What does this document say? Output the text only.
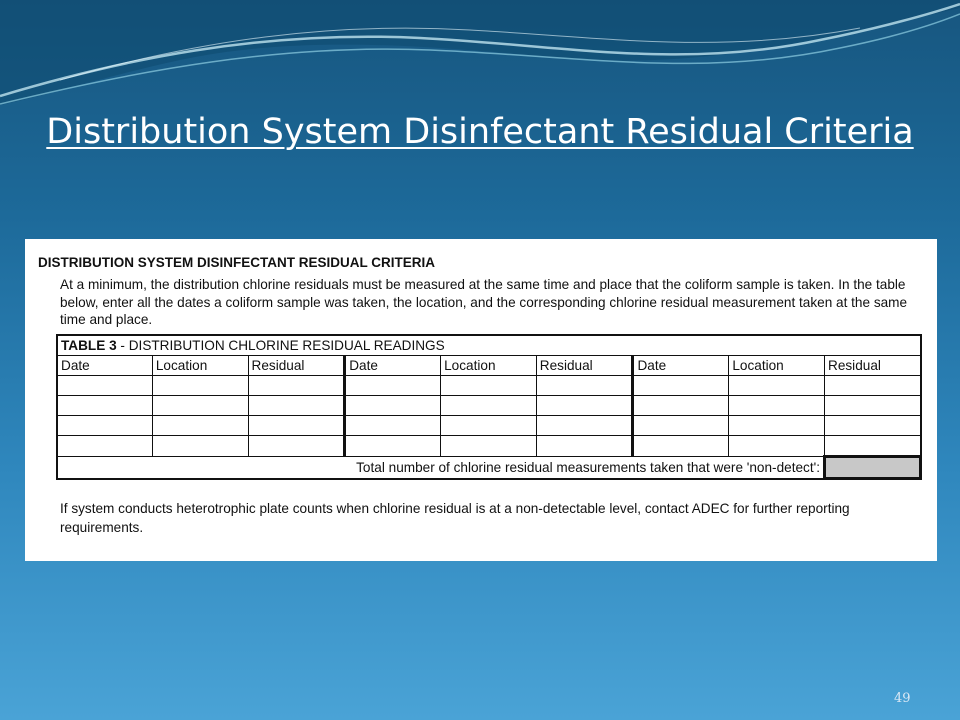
Distribution System Disinfectant Residual Criteria
DISTRIBUTION SYSTEM DISINFECTANT RESIDUAL CRITERIA
At a minimum, the distribution chlorine residuals must be measured at the same time and place that the coliform sample is taken. In the table below, enter all the dates a coliform sample was taken, the location, and the corresponding chlorine residual measurement taken at the same time and place.
TABLE 3 - DISTRIBUTION CHLORINE RESIDUAL READINGS								
Date	Location	Residual	Date	Location	Residual	Date	Location	Residual

Total number of chlorine residual measurements taken that were 'non-detect':								
If system conducts heterotrophic plate counts when chlorine residual is at a non-detectable level, contact ADEC for further reporting requirements.
49
